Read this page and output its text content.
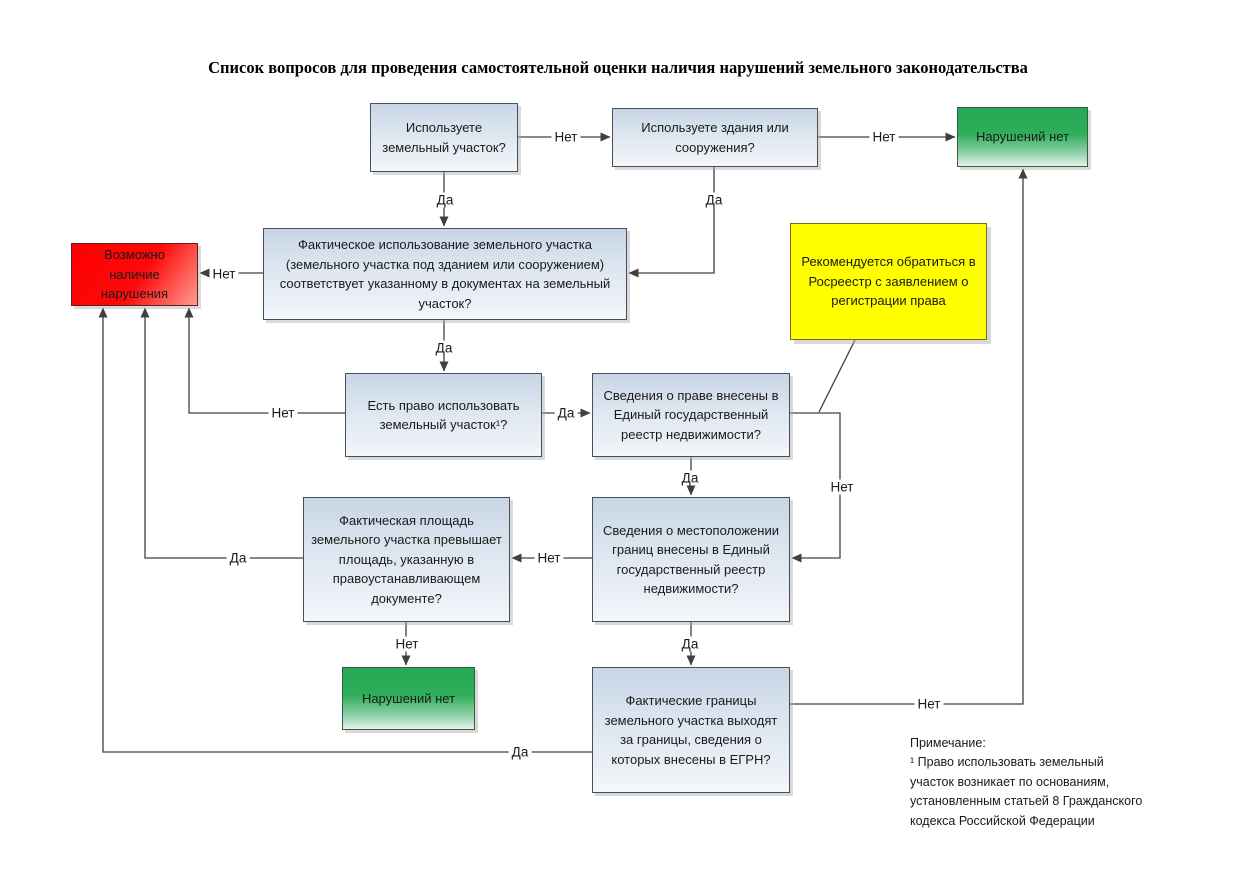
Список вопросов для проведения самостоятельной оценки наличия нарушений земельного законодательства
Используете земельный участок?
Используете здания или сооружения?
Нарушений нет
Возможно наличие нарушения
Фактическое использование земельного участка (земельного участка под зданием или сооружением) соответствует указанному в документах на земельный участок?
Рекомендуется обратиться в Росреестр с заявлением о регистрации права
Есть право использовать земельный участок¹?
Сведения о праве внесены в Единый государственный реестр недвижимости?
Фактическая площадь земельного участка превышает площадь, указанную в правоустанавливающем документе?
Сведения о местоположении границ внесены в Единый государственный реестр недвижимости?
Нарушений нет	Фактические границы земельного участка выходят за границы, сведения о которых внесены в ЕГРН?
Нет	Нет
Да	Да
Нет
Да
Нет	Да
Да
Нет
Нет
Да
Нет	Да
Нет
Да
Примечание:
¹ Право использовать земельный
участок возникает по основаниям,
установленным статьей 8 Гражданского
кодекса Российской Федерации
